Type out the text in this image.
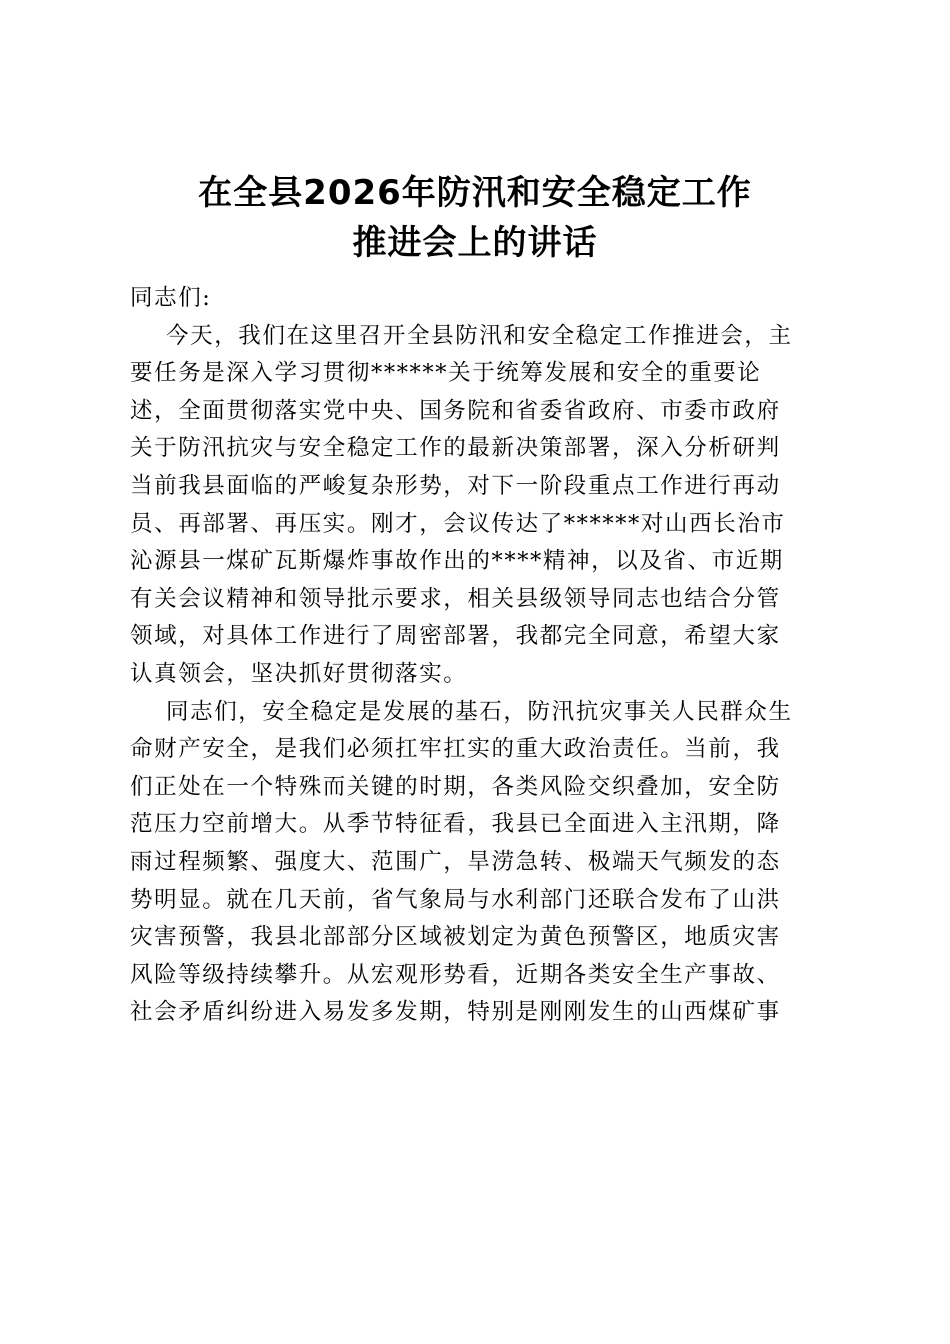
在全县2026年防汛和安全稳定工作
推进会上的讲话

同志们:

今天，我们在这里召开全县防汛和安全稳定工作推进会，主
要任务是深入学习贯彻******关于统筹发展和安全的重要论
述，全面贯彻落实党中央、国务院和省委省政府、市委市政府
关于防汛抗灾与安全稳定工作的最新决策部署，深入分析研判
当前我县面临的严峻复杂形势，对下一阶段重点工作进行再动
员、再部署、再压实。刚才，会议传达了******对山西长治市
沁源县一煤矿瓦斯爆炸事故作出的****精神，以及省、市近期
有关会议精神和领导批示要求，相关县级领导同志也结合分管
领域，对具体工作进行了周密部署，我都完全同意，希望大家
认真领会，坚决抓好贯彻落实。

同志们，安全稳定是发展的基石，防汛抗灾事关人民群众生
命财产安全，是我们必须扛牢扛实的重大政治责任。当前，我
们正处在一个特殊而关键的时期，各类风险交织叠加，安全防
范压力空前增大。从季节特征看，我县已全面进入主汛期，降
雨过程频繁、强度大、范围广，旱涝急转、极端天气频发的态
势明显。就在几天前，省气象局与水利部门还联合发布了山洪
灾害预警，我县北部部分区域被划定为黄色预警区，地质灾害
风险等级持续攀升。从宏观形势看，近期各类安全生产事故、
社会矛盾纠纷进入易发多发期，特别是刚刚发生的山西煤矿事
